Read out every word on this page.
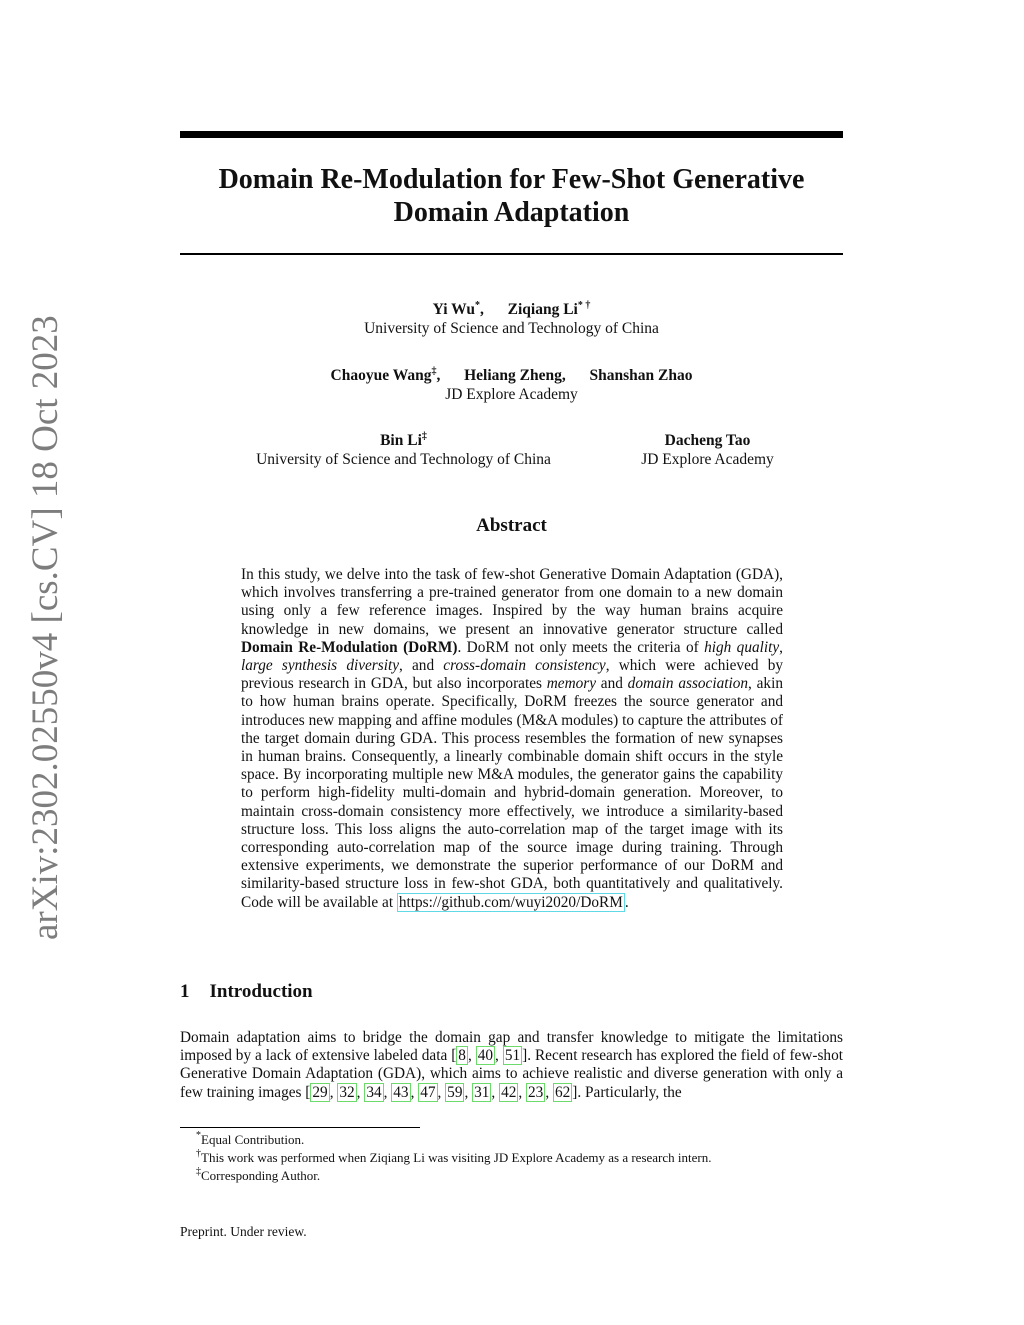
arXiv:2302.02550v4 [cs.CV] 18 Oct 2023
Domain Re-Modulation for Few-Shot Generative
Domain Adaptation
Yi Wu*, Ziqiang Li* †
University of Science and Technology of China
Chaoyue Wang‡, Heliang Zheng, Shanshan Zhao
JD Explore Academy
Bin Li‡
University of Science and Technology of China
Dacheng Tao
JD Explore Academy
Abstract

In this study, we delve into the task of few-shot Generative Domain Adaptation (GDA), which involves transferring a pre-trained generator from one domain to a new domain using only a few reference images. Inspired by the way human brains acquire knowledge in new domains, we present an innovative generator structure called Domain Re-Modulation (DoRM). DoRM not only meets the criteria of high quality, large synthesis diversity, and cross-domain consistency, which were achieved by previous research in GDA, but also incorporates memory and domain association, akin to how human brains operate. Specifically, DoRM freezes the source generator and introduces new mapping and affine modules (M&A modules) to capture the attributes of the target domain during GDA. This process resembles the formation of new synapses in human brains. Consequently, a linearly combinable domain shift occurs in the style space. By incorporating multiple new M&A modules, the generator gains the capability to perform high-fidelity multi-domain and hybrid-domain generation. Moreover, to maintain cross-domain consistency more effectively, we introduce a similarity-based structure loss. This loss aligns the auto-correlation map of the target image with its corresponding auto-correlation map of the source image during training. Through extensive experiments, we demonstrate the superior performance of our DoRM and similarity-based structure loss in few-shot GDA, both quantitatively and qualitatively. Code will be available at https://github.com/wuyi2020/DoRM .

1 Introduction

Domain adaptation aims to bridge the domain gap and transfer knowledge to mitigate the limitations imposed by a lack of extensive labeled data [ 8 , 40 , 51 ]. Recent research has explored the field of few-shot Generative Domain Adaptation (GDA), which aims to achieve realistic and diverse generation with only a few training images [ 29 , 32 , 34 , 43 , 47 , 59 , 31 , 42 , 23 , 62 ]. Particularly, the

*Equal Contribution.
†This work was performed when Ziqiang Li was visiting JD Explore Academy as a research intern.
‡Corresponding Author.
Preprint. Under review.
